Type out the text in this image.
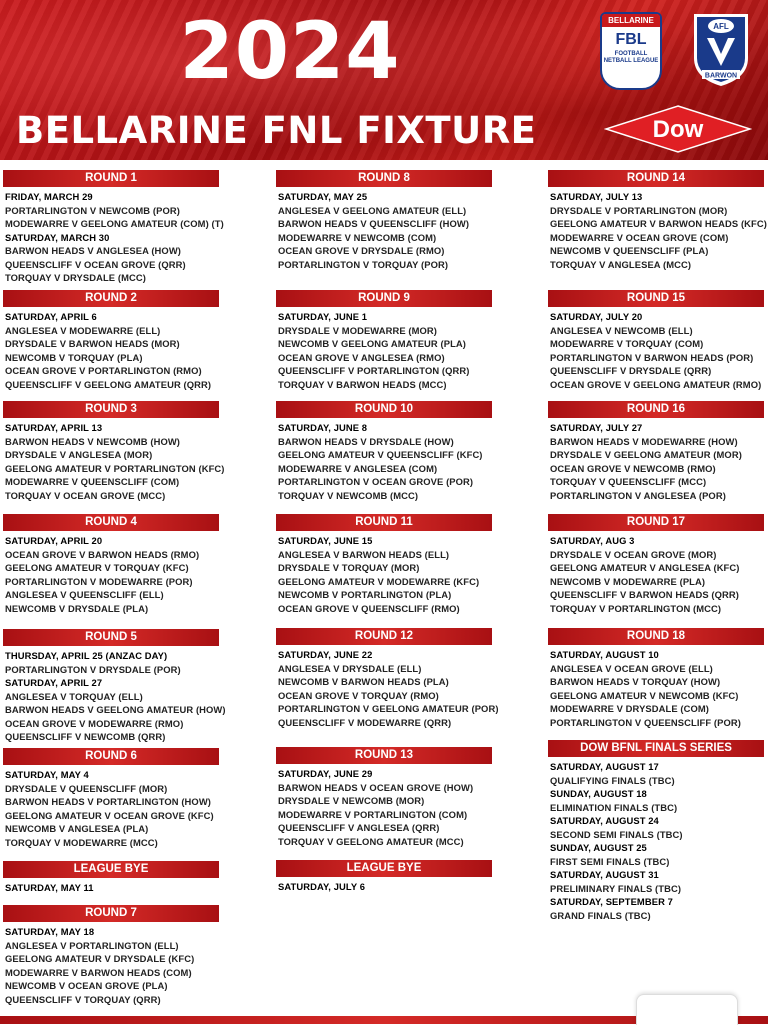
2024
BELLARINE FNL FIXTURE
BELLARINE
FBL
FOOTBALL NETBALL LEAGUE
AFL
BARWON
Dow
ROUND 1
FRIDAY, MARCH 29
PORTARLINGTON V NEWCOMB (POR)
MODEWARRE V GEELONG AMATEUR (COM) (T)
SATURDAY, MARCH 30
BARWON HEADS V ANGLESEA (HOW)
QUEENSCLIFF V OCEAN GROVE (QRR)
TORQUAY V DRYSDALE (MCC)
ROUND 2
SATURDAY, APRIL 6
ANGLESEA V MODEWARRE (ELL)
DRYSDALE V BARWON HEADS (MOR)
NEWCOMB V TORQUAY (PLA)
OCEAN GROVE V PORTARLINGTON (RMO)
QUEENSCLIFF V GEELONG AMATEUR (QRR)
ROUND 3
SATURDAY, APRIL 13
BARWON HEADS V NEWCOMB (HOW)
DRYSDALE V ANGLESEA (MOR)
GEELONG AMATEUR V PORTARLINGTON (KFC)
MODEWARRE V QUEENSCLIFF (COM)
TORQUAY V OCEAN GROVE (MCC)
ROUND 4
SATURDAY, APRIL 20
OCEAN GROVE V BARWON HEADS (RMO)
GEELONG AMATEUR V TORQUAY (KFC)
PORTARLINGTON V MODEWARRE (POR)
ANGLESEA V QUEENSCLIFF (ELL)
NEWCOMB V DRYSDALE (PLA)
ROUND 5
THURSDAY, APRIL 25 (ANZAC DAY)
PORTARLINGTON V DRYSDALE (POR)
SATURDAY, APRIL 27
ANGLESEA V TORQUAY (ELL)
BARWON HEADS V GEELONG AMATEUR (HOW)
OCEAN GROVE V MODEWARRE (RMO)
QUEENSCLIFF V NEWCOMB (QRR)
ROUND 6
SATURDAY, MAY 4
DRYSDALE V QUEENSCLIFF (MOR)
BARWON HEADS V PORTARLINGTON (HOW)
GEELONG AMATEUR V OCEAN GROVE (KFC)
NEWCOMB V ANGLESEA (PLA)
TORQUAY V MODEWARRE (MCC)
LEAGUE BYE
SATURDAY, MAY 11
ROUND 7
SATURDAY, MAY 18
ANGLESEA V PORTARLINGTON (ELL)
GEELONG AMATEUR V DRYSDALE (KFC)
MODEWARRE V BARWON HEADS (COM)
NEWCOMB V OCEAN GROVE (PLA)
QUEENSCLIFF V TORQUAY (QRR)
ROUND 8
SATURDAY, MAY 25
ANGLESEA V GEELONG AMATEUR (ELL)
BARWON HEADS V QUEENSCLIFF (HOW)
MODEWARRE V NEWCOMB (COM)
OCEAN GROVE V DRYSDALE (RMO)
PORTARLINGTON V TORQUAY (POR)
ROUND 9
SATURDAY, JUNE 1
DRYSDALE V MODEWARRE (MOR)
NEWCOMB V GEELONG AMATEUR (PLA)
OCEAN GROVE V ANGLESEA (RMO)
QUEENSCLIFF V PORTARLINGTON (QRR)
TORQUAY V BARWON HEADS (MCC)
ROUND 10
SATURDAY, JUNE 8
BARWON HEADS V DRYSDALE (HOW)
GEELONG AMATEUR V QUEENSCLIFF (KFC)
MODEWARRE V ANGLESEA (COM)
PORTARLINGTON V OCEAN GROVE (POR)
TORQUAY V NEWCOMB (MCC)
ROUND 11
SATURDAY, JUNE 15
ANGLESEA V BARWON HEADS (ELL)
DRYSDALE V TORQUAY (MOR)
GEELONG AMATEUR V MODEWARRE (KFC)
NEWCOMB V PORTARLINGTON (PLA)
OCEAN GROVE V QUEENSCLIFF (RMO)
ROUND 12
SATURDAY, JUNE 22
ANGLESEA V DRYSDALE (ELL)
NEWCOMB V BARWON HEADS (PLA)
OCEAN GROVE V TORQUAY (RMO)
PORTARLINGTON V GEELONG AMATEUR (POR)
QUEENSCLIFF V MODEWARRE (QRR)
ROUND 13
SATURDAY, JUNE 29
BARWON HEADS V OCEAN GROVE (HOW)
DRYSDALE V NEWCOMB (MOR)
MODEWARRE V PORTARLINGTON (COM)
QUEENSCLIFF V ANGLESEA (QRR)
TORQUAY V GEELONG AMATEUR (MCC)
LEAGUE BYE
SATURDAY, JULY 6
ROUND 14
SATURDAY, JULY 13
DRYSDALE V PORTARLINGTON (MOR)
GEELONG AMATEUR V BARWON HEADS (KFC)
MODEWARRE V OCEAN GROVE (COM)
NEWCOMB V QUEENSCLIFF (PLA)
TORQUAY V ANGLESEA (MCC)
ROUND 15
SATURDAY, JULY 20
ANGLESEA V NEWCOMB (ELL)
MODEWARRE V TORQUAY (COM)
PORTARLINGTON V BARWON HEADS (POR)
QUEENSCLIFF V DRYSDALE (QRR)
OCEAN GROVE V GEELONG AMATEUR (RMO)
ROUND 16
SATURDAY, JULY 27
BARWON HEADS V MODEWARRE (HOW)
DRYSDALE V GEELONG AMATEUR (MOR)
OCEAN GROVE V NEWCOMB (RMO)
TORQUAY V QUEENSCLIFF (MCC)
PORTARLINGTON V ANGLESEA (POR)
ROUND 17
SATURDAY, AUG 3
DRYSDALE V OCEAN GROVE (MOR)
GEELONG AMATEUR V ANGLESEA (KFC)
NEWCOMB V MODEWARRE (PLA)
QUEENSCLIFF V BARWON HEADS (QRR)
TORQUAY V PORTARLINGTON (MCC)
ROUND 18
SATURDAY, AUGUST 10
ANGLESEA V OCEAN GROVE (ELL)
BARWON HEADS V TORQUAY (HOW)
GEELONG AMATEUR V NEWCOMB (KFC)
MODEWARRE V DRYSDALE (COM)
PORTARLINGTON V QUEENSCLIFF (POR)
DOW BFNL FINALS SERIES
SATURDAY, AUGUST 17
QUALIFYING FINALS (TBC)
SUNDAY, AUGUST 18
ELIMINATION FINALS (TBC)
SATURDAY, AUGUST 24
SECOND SEMI FINALS (TBC)
SUNDAY, AUGUST 25
FIRST SEMI FINALS (TBC)
SATURDAY, AUGUST 31
PRELIMINARY FINALS (TBC)
SATURDAY, SEPTEMBER 7
GRAND FINALS (TBC)
